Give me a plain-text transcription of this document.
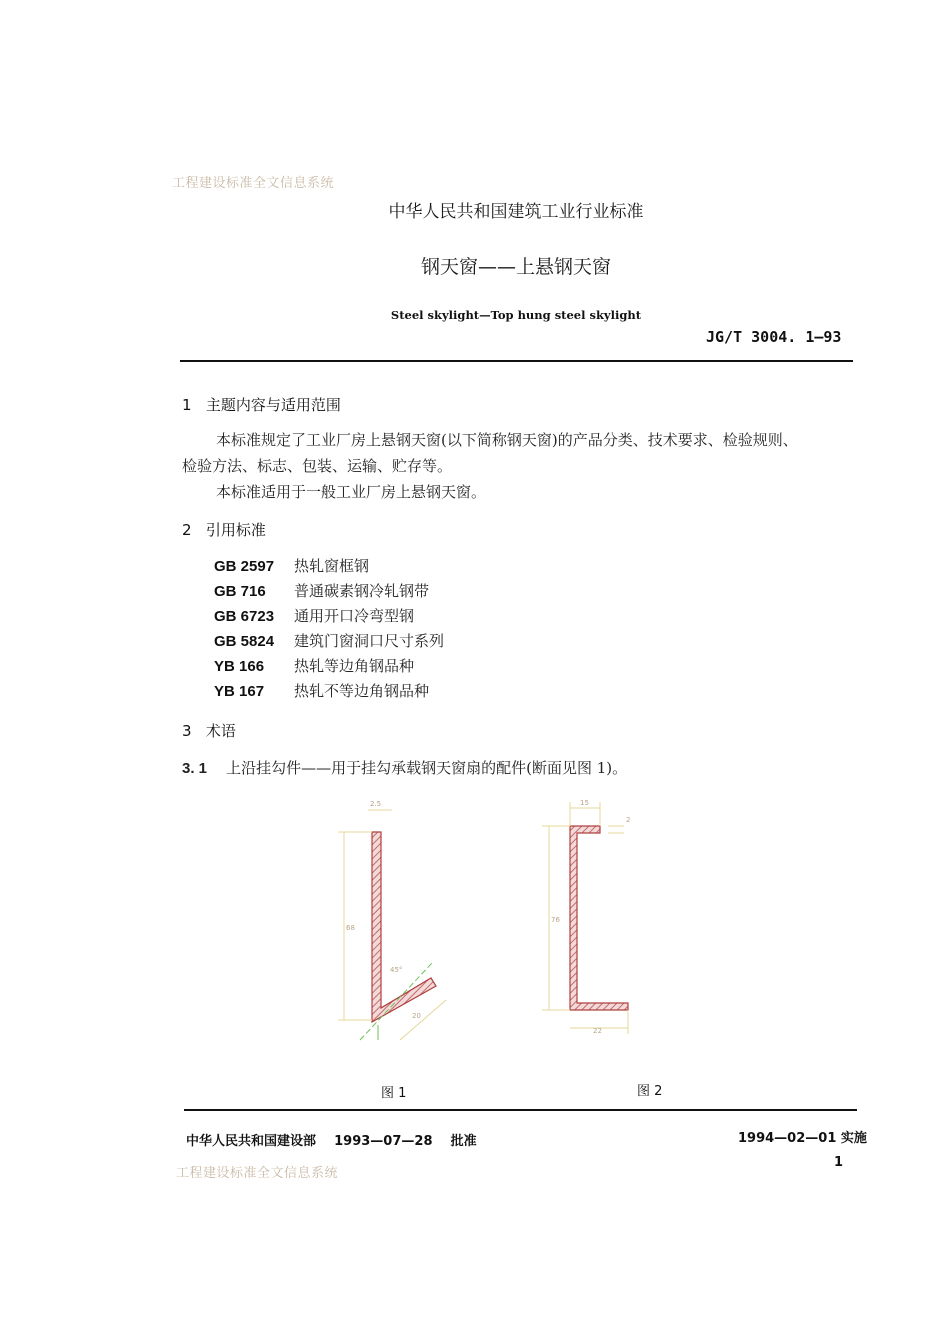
工程建设标准全文信息系统
中华人民共和国建筑工业行业标准
钢天窗——上悬钢天窗
Steel skylight—Top hung steel skylight
JG/T 3004. 1—93
1 主题内容与适用范围
本标准规定了工业厂房上悬钢天窗(以下简称钢天窗)的产品分类、技术要求、检验规则、
检验方法、标志、包装、运输、贮存等。
本标准适用于一般工业厂房上悬钢天窗。
2 引用标准
GB 2597 热轧窗框钢
GB 716 普通碳素钢冷轧钢带
GB 6723 通用开口冷弯型钢
GB 5824 建筑门窗洞口尺寸系列
YB 166 热轧等边角钢品种
YB 167 热轧不等边角钢品种
3 术语
3. 1 上沿挂勾件——用于挂勾承载钢天窗扇的配件(断面见图 1)。
2.5
68
45°
20
15
2
76
22
图 1	图 2
中华人民共和国建设部 1993—07—28 批准	1994—02—01 实施
1
工程建设标准全文信息系统
